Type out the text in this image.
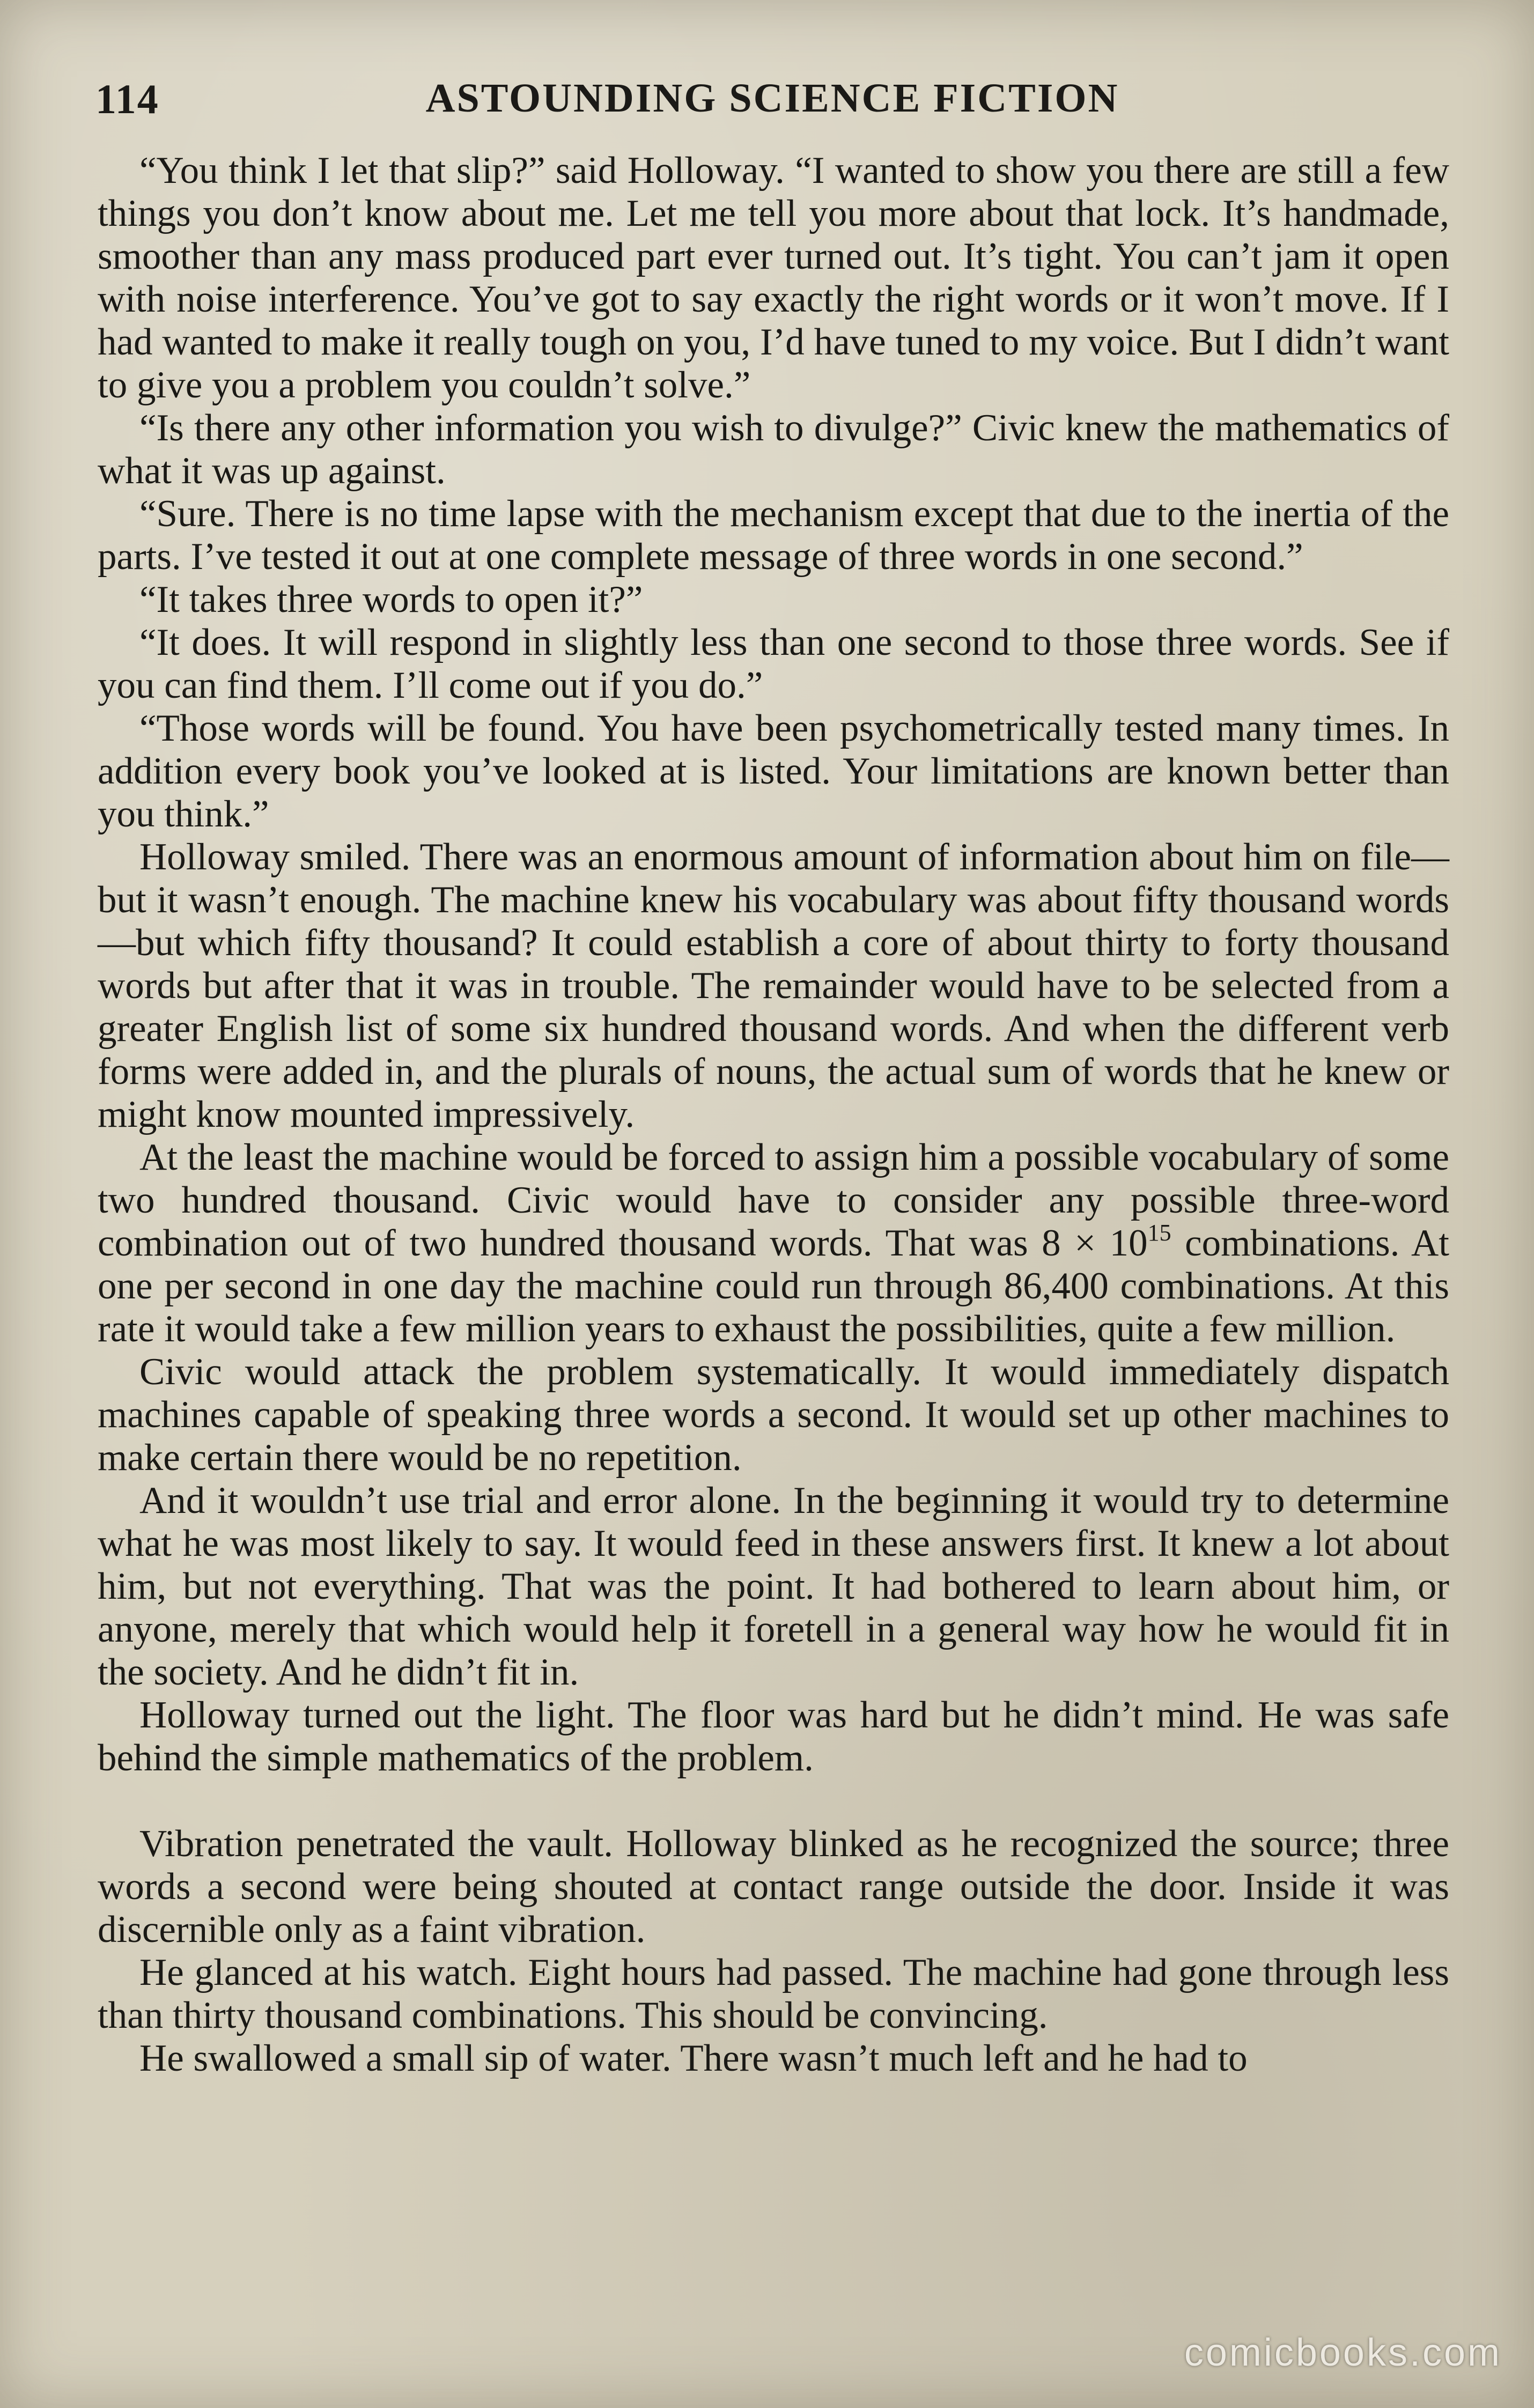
114	ASTOUNDING SCIENCE FICTION

“You think I let that slip?” said Holloway. “I wanted to show you there are still a few things you don’t know about me. Let me tell you more about that lock. It’s handmade, smoother than any mass produced part ever turned out. It’s tight. You can’t jam it open with noise interference. You’ve got to say exactly the right words or it won’t move. If I had wanted to make it really tough on you, I’d have tuned to my voice. But I didn’t want to give you a problem you couldn’t solve.”

“Is there any other information you wish to divulge?” Civic knew the mathematics of what it was up against.

“Sure. There is no time lapse with the mechanism except that due to the inertia of the parts. I’ve tested it out at one complete message of three words in one second.”

“It takes three words to open it?”

“It does. It will respond in slightly less than one second to those three words. See if you can find them. I’ll come out if you do.”

“Those words will be found. You have been psychometrically tested many times. In addition every book you’ve looked at is listed. Your limitations are known better than you think.”

Holloway smiled. There was an enormous amount of information about him on file—but it wasn’t enough. The machine knew his vocabulary was about fifty thousand words—but which fifty thousand? It could establish a core of about thirty to forty thousand words but after that it was in trouble. The remainder would have to be selected from a greater English list of some six hundred thousand words. And when the different verb forms were added in, and the plurals of nouns, the actual sum of words that he knew or might know mounted impressively.

At the least the machine would be forced to assign him a possible vocabulary of some two hundred thousand. Civic would have to consider any possible three-word combination out of two hundred thousand words. That was $8 \times 10^{15}$ combinations. At one per second in one day the machine could run through 86,400 combinations. At this rate it would take a few million years to exhaust the possibilities, quite a few million.

Civic would attack the problem systematically. It would immediately dispatch machines capable of speaking three words a second. It would set up other machines to make certain there would be no repetition.

And it wouldn’t use trial and error alone. In the beginning it would try to determine what he was most likely to say. It would feed in these answers first. It knew a lot about him, but not everything. That was the point. It had bothered to learn about him, or anyone, merely that which would help it foretell in a general way how he would fit in the society. And he didn’t fit in.

Holloway turned out the light. The floor was hard but he didn’t mind. He was safe behind the simple mathematics of the problem.

Vibration penetrated the vault. Holloway blinked as he recognized the source; three words a second were being shouted at contact range outside the door. Inside it was discernible only as a faint vibration.

He glanced at his watch. Eight hours had passed. The machine had gone through less than thirty thousand combinations. This should be convincing.

He swallowed a small sip of water. There wasn’t much left and he had to

comicbooks.com
